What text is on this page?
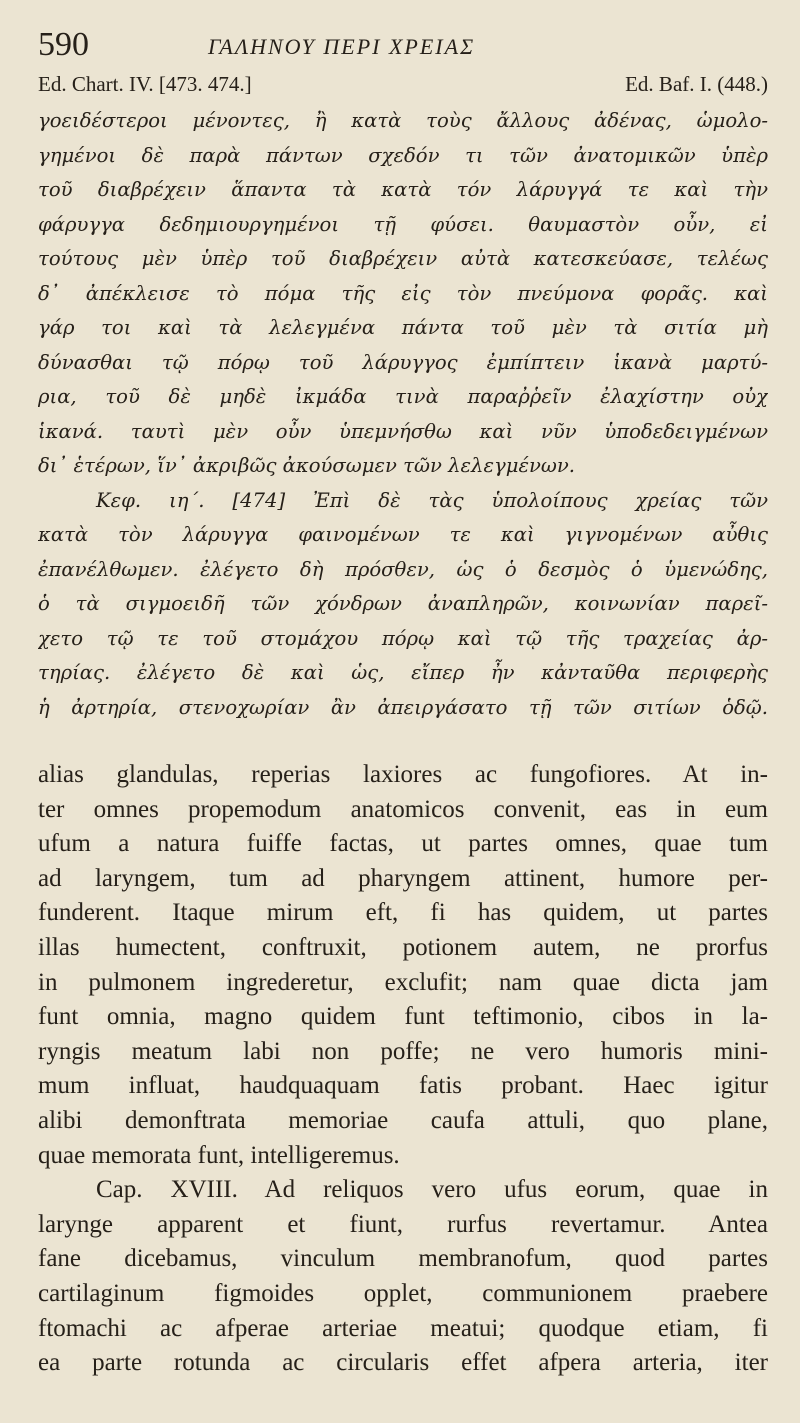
590	ΓΑΛΗΝΟΥ ΠΕΡΙ ΧΡΕΙΑΣ
Ed. Chart. IV. [473. 474.]	Ed. Baf. I. (448.)
γοειδέστεροι μένοντες, ἢ κατὰ τοὺς ἄλλους ἀδένας, ὡμολο-
γημένοι δὲ παρὰ πάντων σχεδόν τι τῶν ἀνατομικῶν ὑπὲρ
τοῦ διαβρέχειν ἅπαντα τὰ κατὰ τόν λάρυγγά τε καὶ τὴν
φάρυγγα δεδημιουργημένοι τῇ φύσει. θαυμαστὸν οὖν, εἰ
τούτους μὲν ὑπὲρ τοῦ διαβρέχειν αὐτὰ κατεσκεύασε, τελέως
δ᾽ ἀπέκλεισε τὸ πόμα τῆς εἰς τὸν πνεύμονα φορᾶς. καὶ
γάρ τοι καὶ τὰ λελεγμένα πάντα τοῦ μὲν τὰ σιτία μὴ
δύνασθαι τῷ πόρῳ τοῦ λάρυγγος ἐμπίπτειν ἱκανὰ μαρτύ-
ρια, τοῦ δὲ μηδὲ ἰκμάδα τινὰ παραῤῥεῖν ἐλαχίστην οὐχ
ἱκανά. ταυτὶ μὲν οὖν ὑπεμνήσθω καὶ νῦν ὑποδεδειγμένων
δι᾽ ἑτέρων, ἵν᾽ ἀκριβῶς ἀκούσωμεν τῶν λελεγμένων.
Κεφ. ιη΄. [474] Ἐπὶ δὲ τὰς ὑπολοίπους χρείας τῶν
κατὰ τὸν λάρυγγα φαινομένων τε καὶ γιγνομένων αὖθις
ἐπανέλθωμεν. ἐλέγετο δὴ πρόσθεν, ὡς ὁ δεσμὸς ὁ ὑμενώδης,
ὁ τὰ σιγμοειδῆ τῶν χόνδρων ἀναπληρῶν, κοινωνίαν παρεῖ-
χετο τῷ τε τοῦ στομάχου πόρῳ καὶ τῷ τῆς τραχείας ἀρ-
τηρίας. ἐλέγετο δὲ καὶ ὡς, εἴπερ ἦν κἀνταῦθα περιφερὴς
ἡ ἀρτηρία, στενοχωρίαν ἂν ἀπειργάσατο τῇ τῶν σιτίων ὁδῷ.
alias glandulas, reperias laxiores ac fungofiores. At in-
ter omnes propemodum anatomicos convenit, eas in eum
ufum a natura fuiffe factas, ut partes omnes, quae tum
ad laryngem, tum ad pharyngem attinent, humore per-
funderent. Itaque mirum eft, fi has quidem, ut partes
illas humectent, conftruxit, potionem autem, ne prorfus
in pulmonem ingrederetur, exclufit; nam quae dicta jam
funt omnia, magno quidem funt teftimonio, cibos in la-
ryngis meatum labi non poffe; ne vero humoris mini-
mum influat, haudquaquam fatis probant. Haec igitur
alibi demonftrata memoriae caufa attuli, quo plane,
quae memorata funt, intelligeremus.
Cap. XVIII. Ad reliquos vero ufus eorum, quae in
larynge apparent et fiunt, rurfus revertamur. Antea
fane dicebamus, vinculum membranofum, quod partes
cartilaginum figmoides opplet, communionem praebere
ftomachi ac afperae arteriae meatui; quodque etiam, fi
ea parte rotunda ac circularis effet afpera arteria, iter
